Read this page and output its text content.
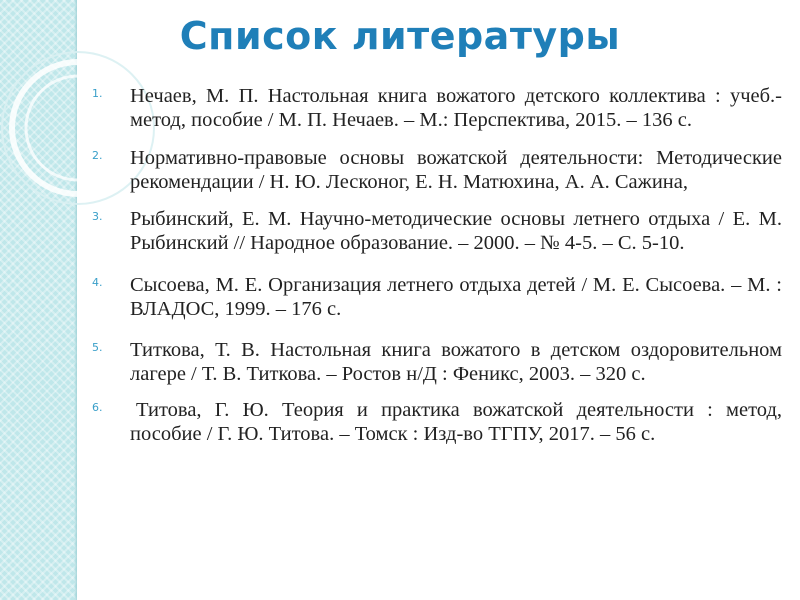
Список литературы
1. Нечаев, М. П. Настольная книга вожатого детского коллектива : учеб.-метод, пособие / М. П. Нечаев. – М.: Перспектива, 2015. – 136 с.
2. Нормативно-правовые основы вожатской деятельности: Методические рекомендации / Н. Ю. Лесконог, Е. Н. Матюхина, А. А. Сажина,
3. Рыбинский, Е. М. Научно-методические основы летнего отдыха / Е. М. Рыбинский // Народное образование. – 2000. – № 4-5. – С. 5-10.
4. Сысоева, М. Е. Организация летнего отдыха детей / М. Е. Сысоева. – М. : ВЛАДОС, 1999. – 176 с.
5. Титкова, Т. В. Настольная книга вожатого в детском оздоровительном лагере / Т. В. Титкова. – Ростов н/Д : Феникс, 2003. – 320 с.
6. Титова, Г. Ю. Теория и практика вожатской деятельности : метод, пособие / Г. Ю. Титова. – Томск : Изд-во ТГПУ, 2017. – 56 с.
